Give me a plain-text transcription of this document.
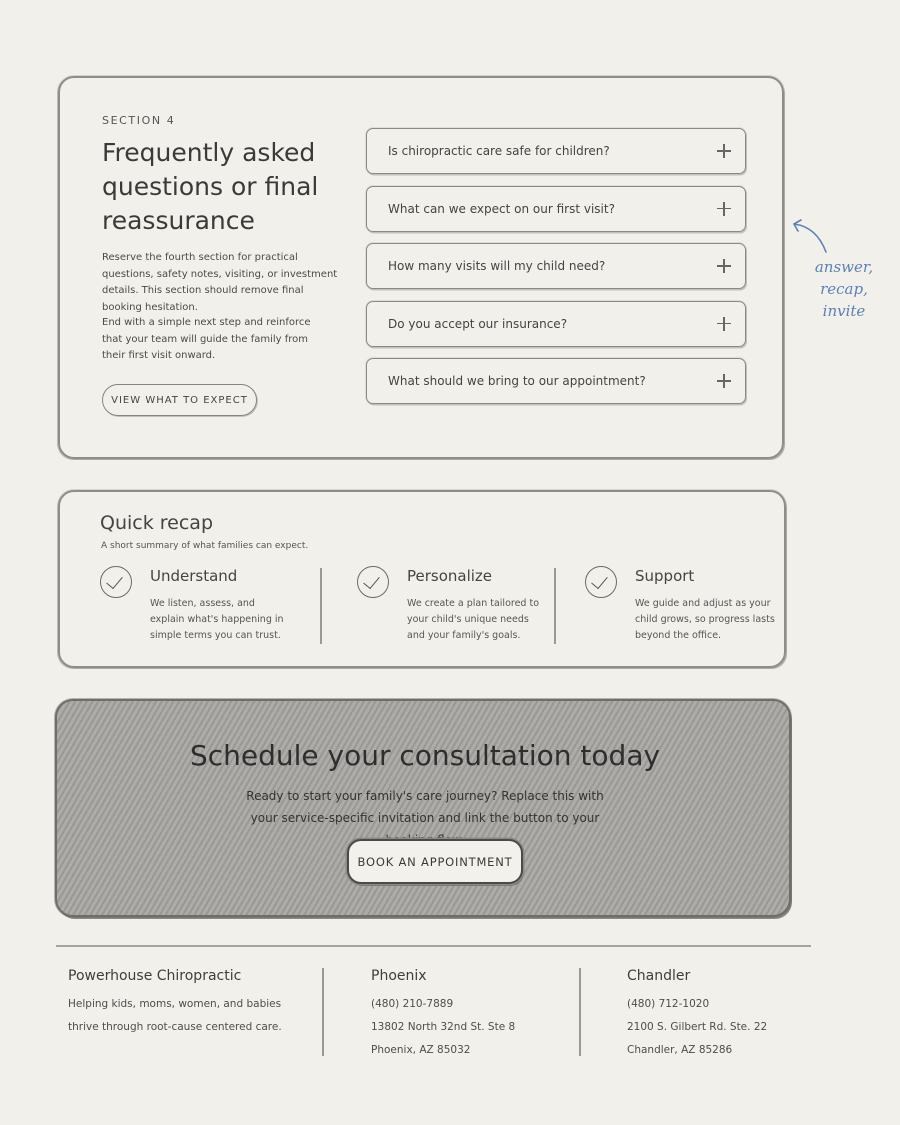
SECTION 4
Frequently asked questions or final reassurance

Reserve the fourth section for practical questions, safety notes, visiting, or investment details. This section should remove final booking hesitation.

End with a simple next step and reinforce that your team will guide the family from their first visit onward.

VIEW WHAT TO EXPECT
Is chiropractic care safe for children?
What can we expect on our first visit?
How many visits will my child need?
Do you accept our insurance?
What should we bring to our appointment?
answer,
recap,
invite
Quick recap
A short summary of what families can expect.
Understand
We listen, assess, and explain what's happening in simple terms you can trust.
Personalize
We create a plan tailored to your child's unique needs and your family's goals.
Support
We guide and adjust as your child grows, so progress lasts beyond the office.
Schedule your consultation today

Ready to start your family's care journey? Replace this with your service-specific invitation and link the button to your

BOOK AN APPOINTMENT
Powerhouse Chiropractic
Helping kids, moms, women, and babies
thrive through root-cause centered care.
Phoenix
(480) 210-7889
13802 North 32nd St. Ste 8
Phoenix, AZ 85032
Chandler
(480) 712-1020
2100 S. Gilbert Rd. Ste. 22
Chandler, AZ 85286
